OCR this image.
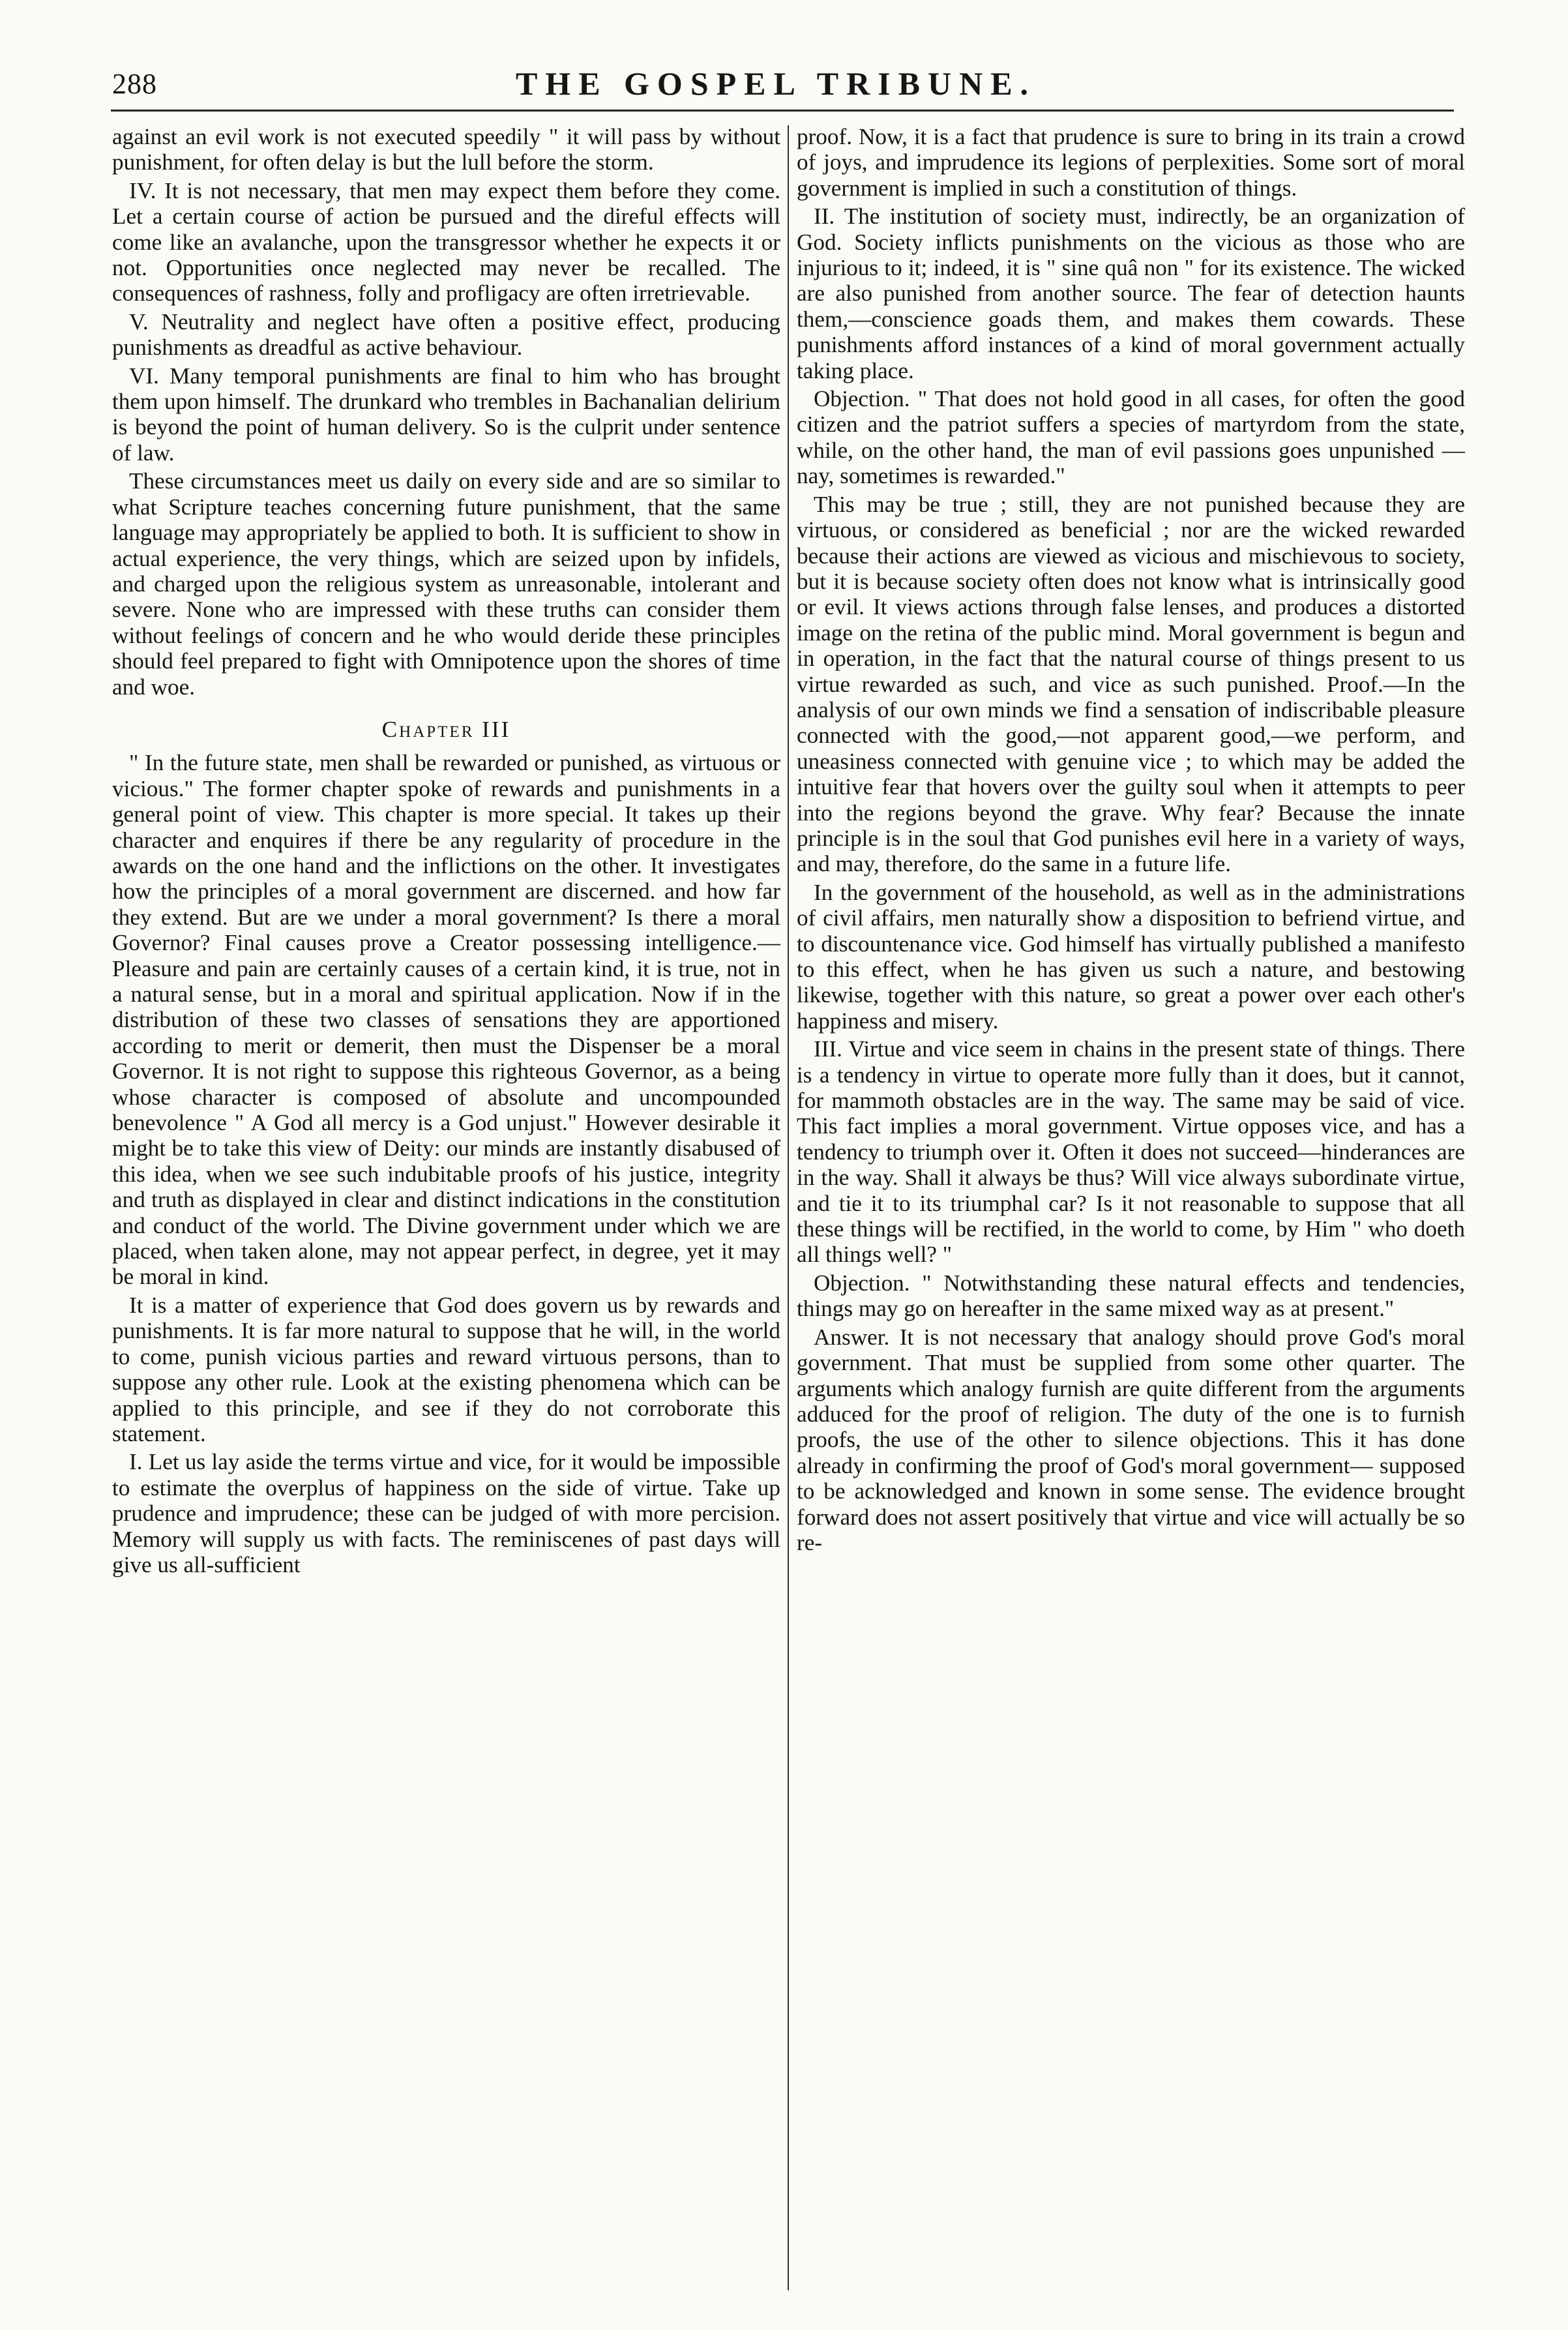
288	THE GOSPEL TRIBUNE.

against an evil work is not executed speedily " it will pass by without punishment, for often delay is but the lull before the storm.

IV. It is not necessary, that men may expect them before they come. Let a certain course of action be pursued and the direful effects will come like an avalanche, upon the transgressor whether he expects it or not. Opportunities once neglected may never be recalled. The consequences of rashness, folly and profligacy are often irretrievable.

V. Neutrality and neglect have often a positive effect, producing punishments as dreadful as active behaviour.

VI. Many temporal punishments are final to him who has brought them upon himself. The drunkard who trembles in Bachanalian delirium is beyond the point of human delivery. So is the culprit under sentence of law.

These circumstances meet us daily on every side and are so similar to what Scripture teaches concerning future punishment, that the same language may appropriately be applied to both. It is sufficient to show in actual experience, the very things, which are seized upon by infidels, and charged upon the religious system as unreasonable, intolerant and severe. None who are impressed with these truths can consider them without feelings of concern and he who would deride these principles should feel prepared to fight with Omnipotence upon the shores of time and woe.

Chapter III

" In the future state, men shall be rewarded or punished, as virtuous or vicious." The former chapter spoke of rewards and punishments in a general point of view. This chapter is more special. It takes up their character and enquires if there be any regularity of procedure in the awards on the one hand and the inflictions on the other. It investigates how the principles of a moral government are discerned. and how far they extend. But are we under a moral government? Is there a moral Governor? Final causes prove a Creator possessing intelligence.— Pleasure and pain are certainly causes of a certain kind, it is true, not in a natural sense, but in a moral and spiritual application. Now if in the distribution of these two classes of sensations they are apportioned according to merit or demerit, then must the Dispenser be a moral Governor. It is not right to suppose this righteous Governor, as a being whose character is composed of absolute and uncompounded benevolence " A God all mercy is a God unjust." However desirable it might be to take this view of Deity: our minds are instantly disabused of this idea, when we see such indubitable proofs of his justice, integrity and truth as displayed in clear and distinct indications in the constitution and conduct of the world. The Divine government under which we are placed, when taken alone, may not appear perfect, in degree, yet it may be moral in kind.

It is a matter of experience that God does govern us by rewards and punishments. It is far more natural to suppose that he will, in the world to come, punish vicious parties and reward virtuous persons, than to suppose any other rule. Look at the existing phenomena which can be applied to this principle, and see if they do not corroborate this statement.

I. Let us lay aside the terms virtue and vice, for it would be impossible to estimate the overplus of happiness on the side of virtue. Take up prudence and imprudence; these can be judged of with more percision. Memory will supply us with facts. The reminiscenes of past days will give us all-sufficient

proof. Now, it is a fact that prudence is sure to bring in its train a crowd of joys, and imprudence its legions of perplexities. Some sort of moral government is implied in such a constitution of things.

II. The institution of society must, indirectly, be an organization of God. Society inflicts punishments on the vicious as those who are injurious to it; indeed, it is " sine quâ non " for its existence. The wicked are also punished from another source. The fear of detection haunts them,—conscience goads them, and makes them cowards. These punishments afford instances of a kind of moral government actually taking place.

Objection. " That does not hold good in all cases, for often the good citizen and the patriot suffers a species of martyrdom from the state, while, on the other hand, the man of evil passions goes unpunished —nay, sometimes is rewarded."

This may be true ; still, they are not punished because they are virtuous, or considered as beneficial ; nor are the wicked rewarded because their actions are viewed as vicious and mischievous to society, but it is because society often does not know what is intrinsically good or evil. It views actions through false lenses, and produces a distorted image on the retina of the public mind. Moral government is begun and in operation, in the fact that the natural course of things present to us virtue rewarded as such, and vice as such punished. Proof.—In the analysis of our own minds we find a sensation of indiscribable pleasure connected with the good,—not apparent good,—we perform, and uneasiness connected with genuine vice ; to which may be added the intuitive fear that hovers over the guilty soul when it attempts to peer into the regions beyond the grave. Why fear? Because the innate principle is in the soul that God punishes evil here in a variety of ways, and may, therefore, do the same in a future life.

In the government of the household, as well as in the administrations of civil affairs, men naturally show a disposition to befriend virtue, and to discountenance vice. God himself has virtually published a manifesto to this effect, when he has given us such a nature, and bestowing likewise, together with this nature, so great a power over each other's happiness and misery.

III. Virtue and vice seem in chains in the present state of things. There is a tendency in virtue to operate more fully than it does, but it cannot, for mammoth obstacles are in the way. The same may be said of vice. This fact implies a moral government. Virtue opposes vice, and has a tendency to triumph over it. Often it does not succeed—hinderances are in the way. Shall it always be thus? Will vice always subordinate virtue, and tie it to its triumphal car? Is it not reasonable to suppose that all these things will be rectified, in the world to come, by Him " who doeth all things well? "

Objection. " Notwithstanding these natural effects and tendencies, things may go on hereafter in the same mixed way as at present."

Answer. It is not necessary that analogy should prove God's moral government. That must be supplied from some other quarter. The arguments which analogy furnish are quite different from the arguments adduced for the proof of religion. The duty of the one is to furnish proofs, the use of the other to silence objections. This it has done already in confirming the proof of God's moral government— supposed to be acknowledged and known in some sense. The evidence brought forward does not assert positively that virtue and vice will actually be so re-
